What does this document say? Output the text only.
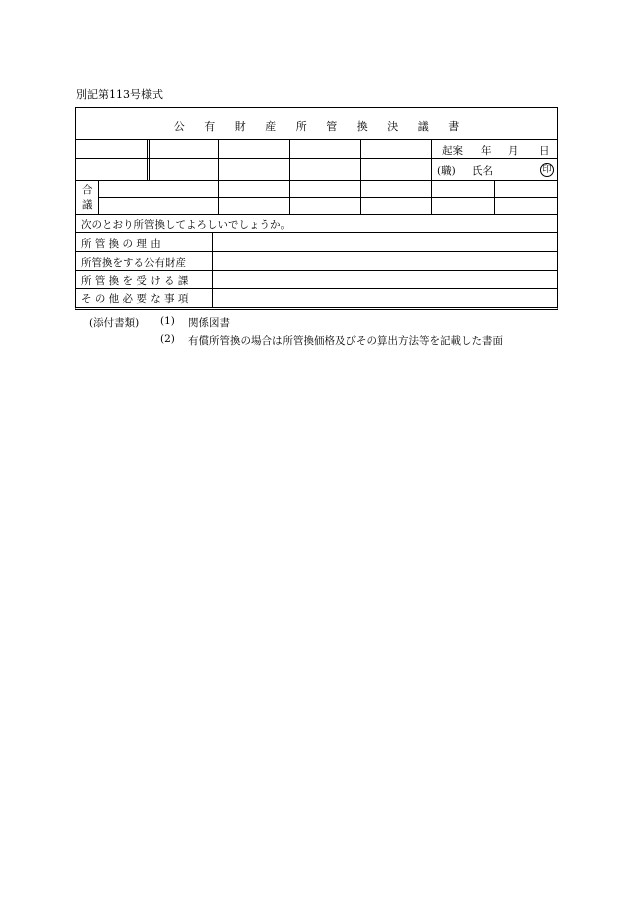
別記第113号様式
公 有 財 産 所 管 換 決 議 書
起案 年 月 日
(職) 氏名	印
合
議
次のとおり所管換してよろしいでしょうか。
所 管 換 の 理 由
所管換をする公有財産
所 管 換 を 受 け る 課
そ の 他 必 要 な 事 項
(添付書類) (1) 関係図書
(2) 有償所管換の場合は所管換価格及びその算出方法等を記載した書面
